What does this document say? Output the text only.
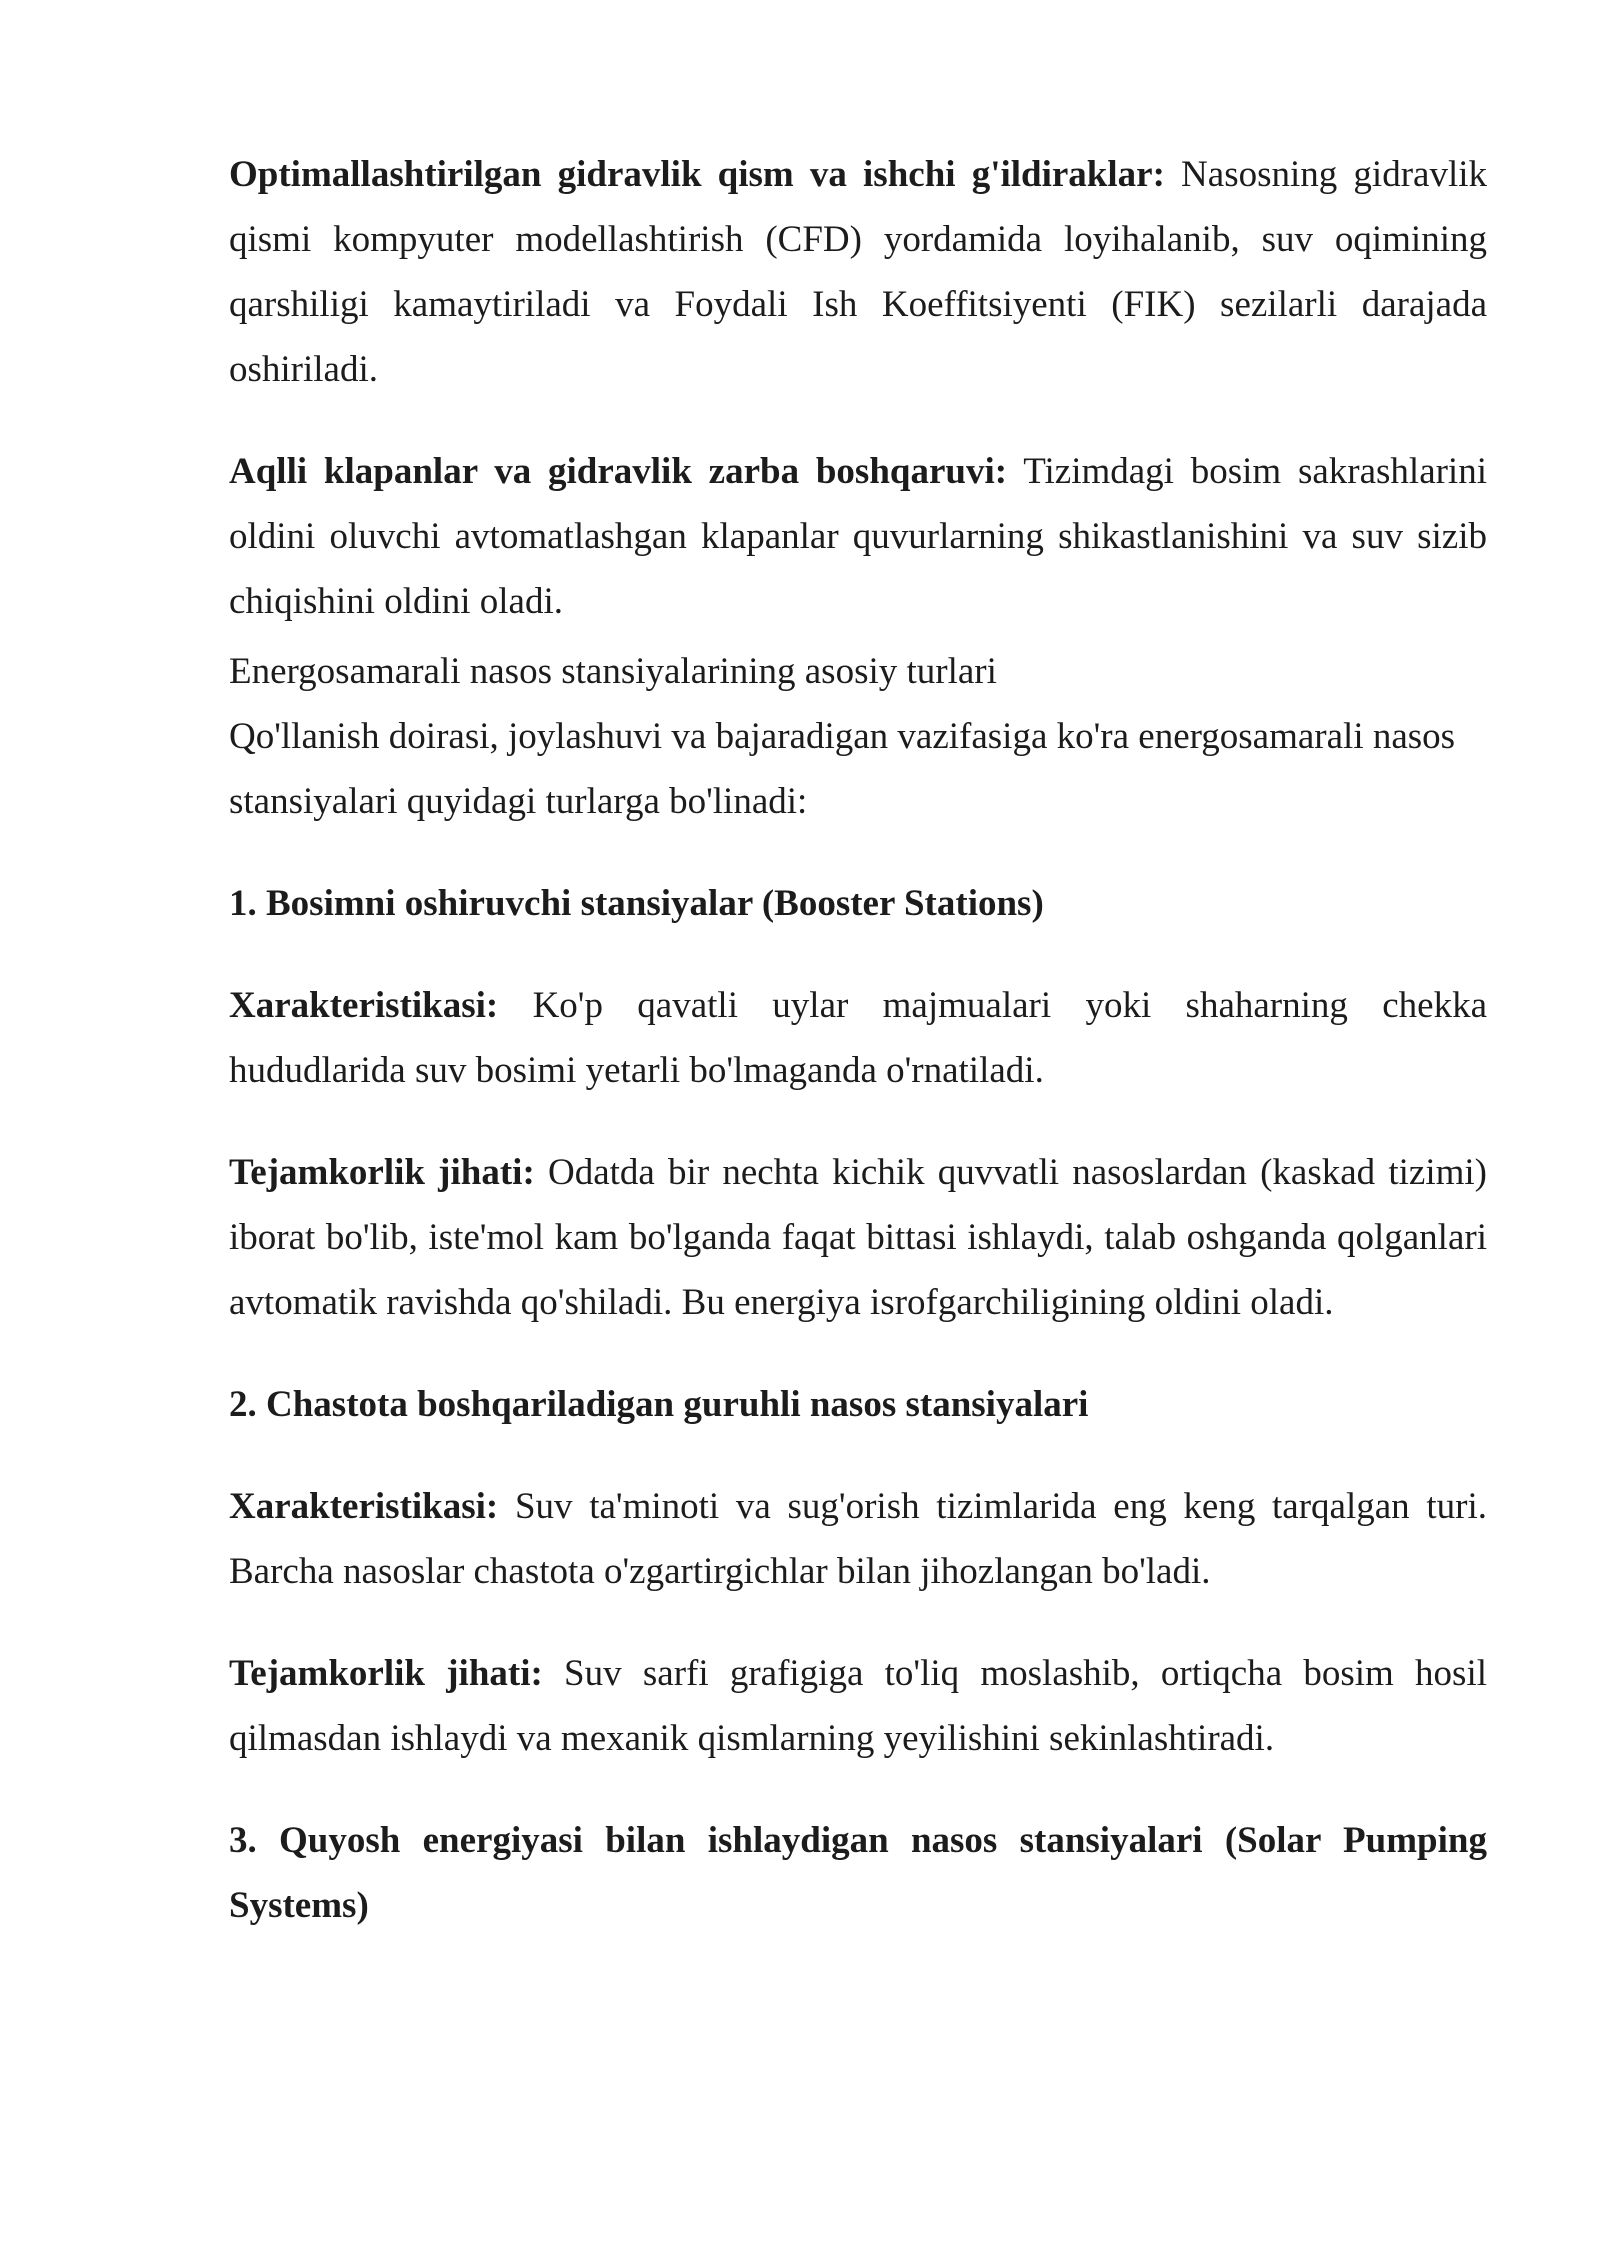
Optimallashtirilgan gidravlik qism va ishchi g'ildiraklar: Nasosning gidravlik qismi kompyuter modellashtirish (CFD) yordamida loyihalanib, suv oqimining qarshiligi kamaytiriladi va Foydali Ish Koeffitsiyenti (FIK) sezilarli darajada oshiriladi.

Aqlli klapanlar va gidravlik zarba boshqaruvi: Tizimdagi bosim sakrashlarini oldini oluvchi avtomatlashgan klapanlar quvurlarning shikastlanishini va suv sizib chiqishini oldini oladi.

Energosamarali nasos stansiyalarining asosiy turlari

Qo'llanish doirasi, joylashuvi va bajaradigan vazifasiga ko'ra energosamarali nasos stansiyalari quyidagi turlarga bo'linadi:

1. Bosimni oshiruvchi stansiyalar (Booster Stations)

Xarakteristikasi: Ko'p qavatli uylar majmualari yoki shaharning chekka hududlarida suv bosimi yetarli bo'lmaganda o'rnatiladi.

Tejamkorlik jihati: Odatda bir nechta kichik quvvatli nasoslardan (kaskad tizimi) iborat bo'lib, iste'mol kam bo'lganda faqat bittasi ishlaydi, talab oshganda qolganlari avtomatik ravishda qo'shiladi. Bu energiya isrofgarchiligining oldini oladi.

2. Chastota boshqariladigan guruhli nasos stansiyalari

Xarakteristikasi: Suv ta'minoti va sug'orish tizimlarida eng keng tarqalgan turi. Barcha nasoslar chastota o'zgartirgichlar bilan jihozlangan bo'ladi.

Tejamkorlik jihati: Suv sarfi grafigiga to'liq moslashib, ortiqcha bosim hosil qilmasdan ishlaydi va mexanik qismlarning yeyilishini sekinlashtiradi.

3. Quyosh energiyasi bilan ishlaydigan nasos stansiyalari (Solar Pumping Systems)
